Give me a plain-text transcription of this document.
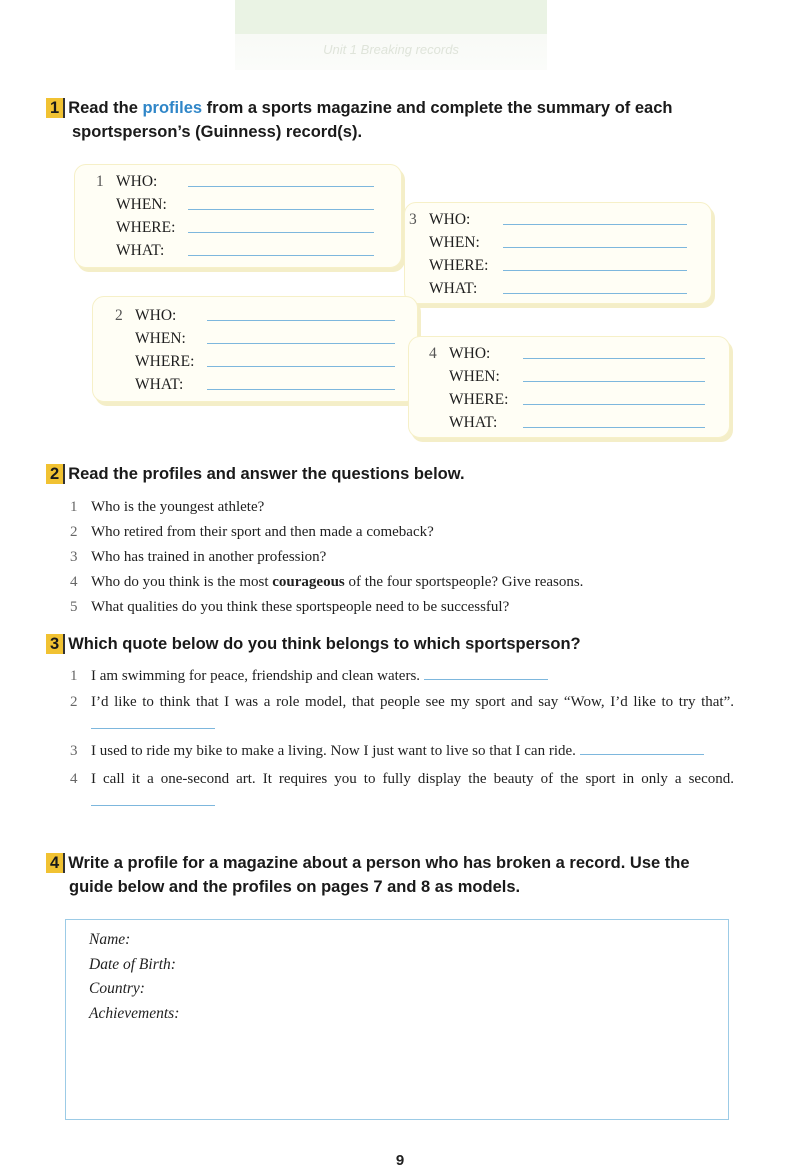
Unit 1 Breaking records
1 Read the profiles from a sports magazine and complete the summary of each
sportsperson’s (Guinness) record(s).
1 WHO:
WHEN:
WHERE:
WHAT:
3 WHO:
WHEN:
WHERE:
WHAT:
2 WHO:
WHEN:
WHERE:
WHAT:
4 WHO:
WHEN:
WHERE:
WHAT:
2 Read the profiles and answer the questions below.
1 Who is the youngest athlete?
2 Who retired from their sport and then made a comeback?
3 Who has trained in another profession?
4 Who do you think is the most courageous of the four sportspeople? Give reasons.
5 What qualities do you think these sportspeople need to be successful?
3 Which quote below do you think belongs to which sportsperson?
1 I am swimming for peace, friendship and clean waters.
2 I’d like to think that I was a role model, that people see my sport and say “Wow, I’d like to try that”.
3 I used to ride my bike to make a living. Now I just want to live so that I can ride.
4 I call it a one-second art. It requires you to fully display the beauty of the sport in only a second.
4 Write a profile for a magazine about a person who has broken a record. Use the
guide below and the profiles on pages 7 and 8 as models.
Name:
Date of Birth:
Country:
Achievements:
9
